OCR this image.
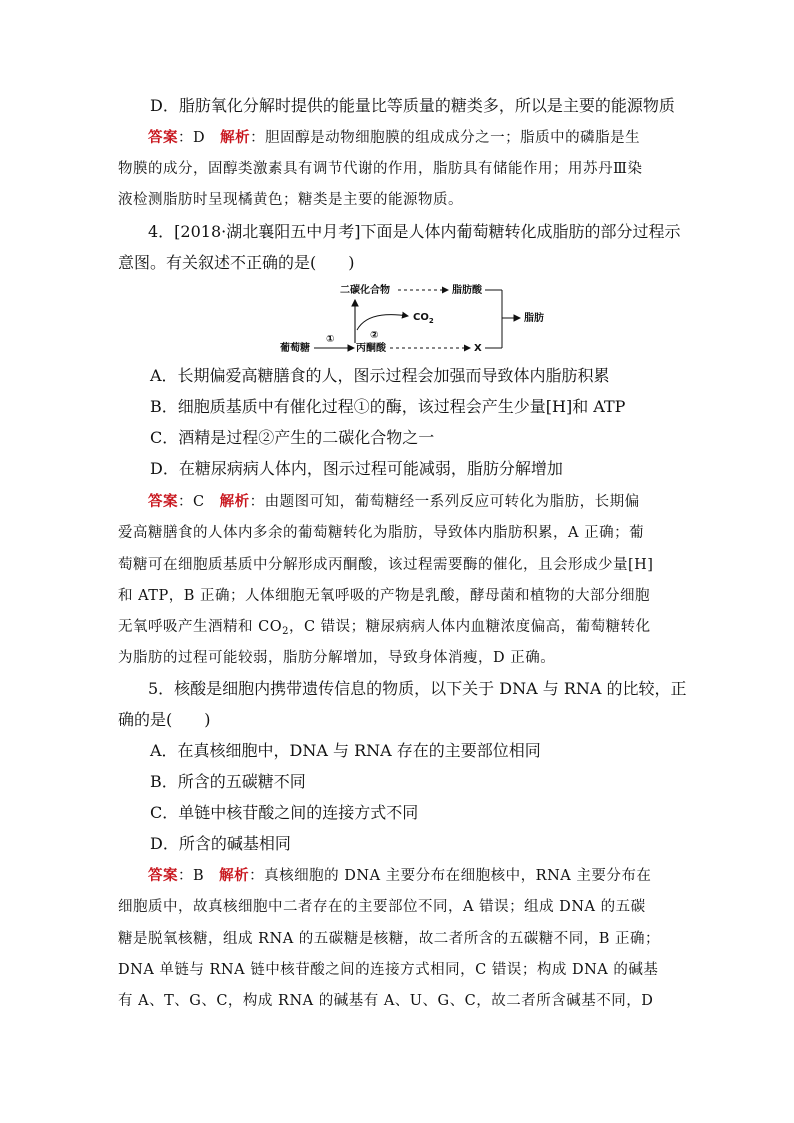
D．脂肪氧化分解时提供的能量比等质量的糖类多，所以是主要的能源物质
答案：D　解析：胆固醇是动物细胞膜的组成成分之一；脂质中的磷脂是生
物膜的成分，固醇类激素具有调节代谢的作用，脂肪具有储能作用；用苏丹Ⅲ染
液检测脂肪时呈现橘黄色；糖类是主要的能源物质。
4．[2018·湖北襄阳五中月考]下面是人体内葡萄糖转化成脂肪的部分过程示
意图。有关叙述不正确的是(　　)
葡萄糖
①
丙酮酸	X
②
二碳化合物
$CO_2$
脂肪酸
脂肪
A．长期偏爱高糖膳食的人，图示过程会加强而导致体内脂肪积累
B．细胞质基质中有催化过程①的酶，该过程会产生少量[H]和 ATP
C．酒精是过程②产生的二碳化合物之一
D．在糖尿病病人体内，图示过程可能减弱，脂肪分解增加
答案：C　解析：由题图可知，葡萄糖经一系列反应可转化为脂肪，长期偏
爱高糖膳食的人体内多余的葡萄糖转化为脂肪，导致体内脂肪积累，A 正确；葡
萄糖可在细胞质基质中分解形成丙酮酸，该过程需要酶的催化，且会形成少量[H]
和 ATP，B 正确；人体细胞无氧呼吸的产物是乳酸，酵母菌和植物的大部分细胞
无氧呼吸产生酒精和 $CO_2$，C 错误；糖尿病病人体内血糖浓度偏高，葡萄糖转化
为脂肪的过程可能较弱，脂肪分解增加，导致身体消瘦，D 正确。
5．核酸是细胞内携带遗传信息的物质，以下关于 DNA 与 RNA 的比较，正
确的是(　　)
A．在真核细胞中，DNA 与 RNA 存在的主要部位相同
B．所含的五碳糖不同
C．单链中核苷酸之间的连接方式不同
D．所含的碱基相同
答案：B　解析：真核细胞的 DNA 主要分布在细胞核中，RNA 主要分布在
细胞质中，故真核细胞中二者存在的主要部位不同，A 错误；组成 DNA 的五碳
糖是脱氧核糖，组成 RNA 的五碳糖是核糖，故二者所含的五碳糖不同，B 正确；
DNA 单链与 RNA 链中核苷酸之间的连接方式相同，C 错误；构成 DNA 的碱基
有 A、T、G、C，构成 RNA 的碱基有 A、U、G、C，故二者所含碱基不同，D
